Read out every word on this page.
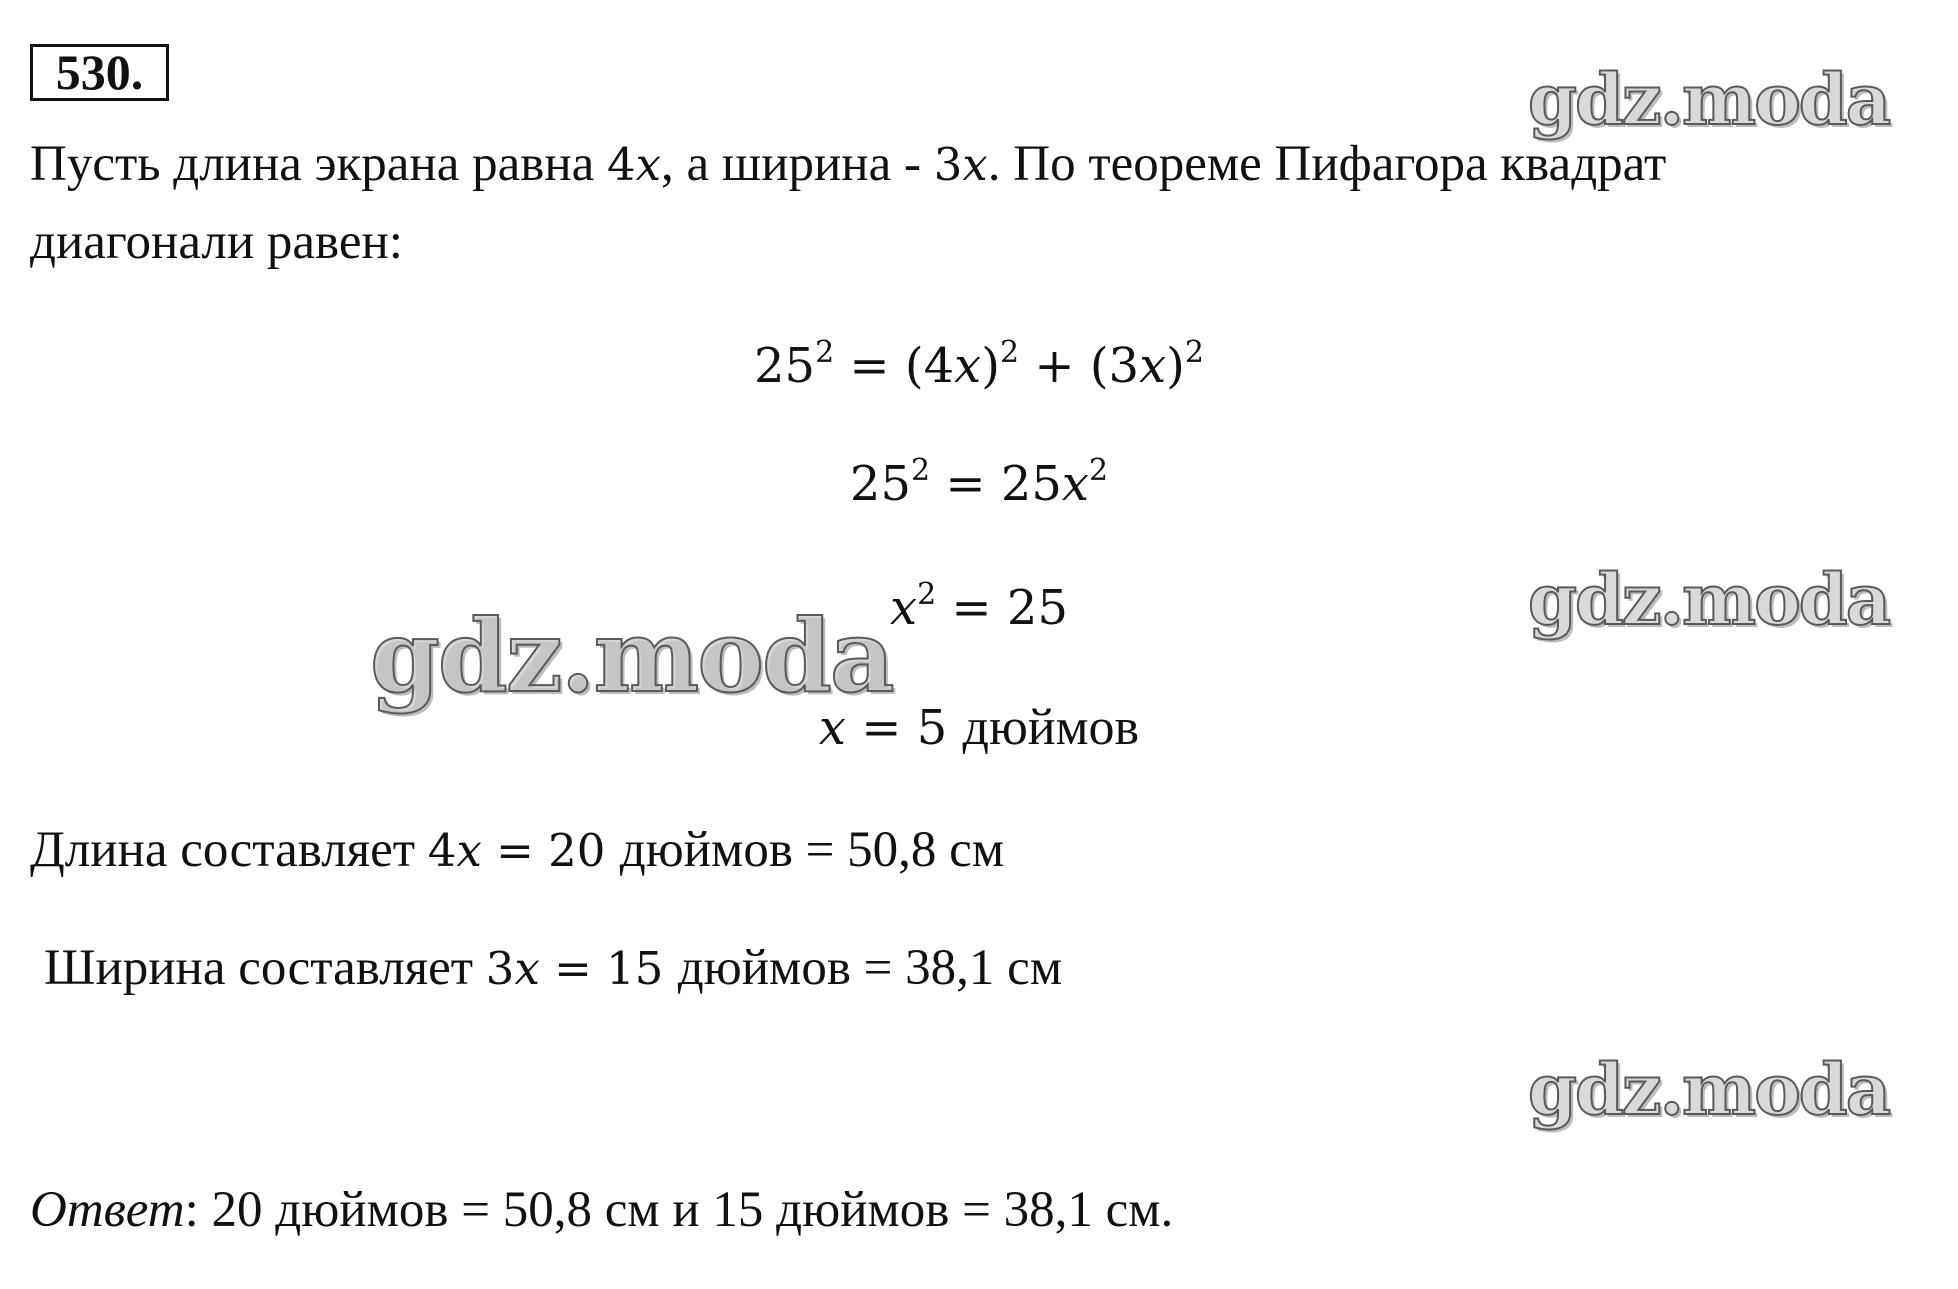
530.	gdz.moda
Пусть длина экрана равна 4x, а ширина - 3x. По теореме Пифагора квадрат
диагонали равен:
$25^2 = (4x)^2 + (3x)^2$
$25^2 = 25x^2$
$x^2 = 25$	gdz.moda
gdz.moda
x = 5 дюймов
Длина составляет 4x = 20 дюймов = 50,8 см
Ширина составляет 3x = 15 дюймов = 38,1 см
gdz.moda
Ответ: 20 дюймов = 50,8 см и 15 дюймов = 38,1 см.
